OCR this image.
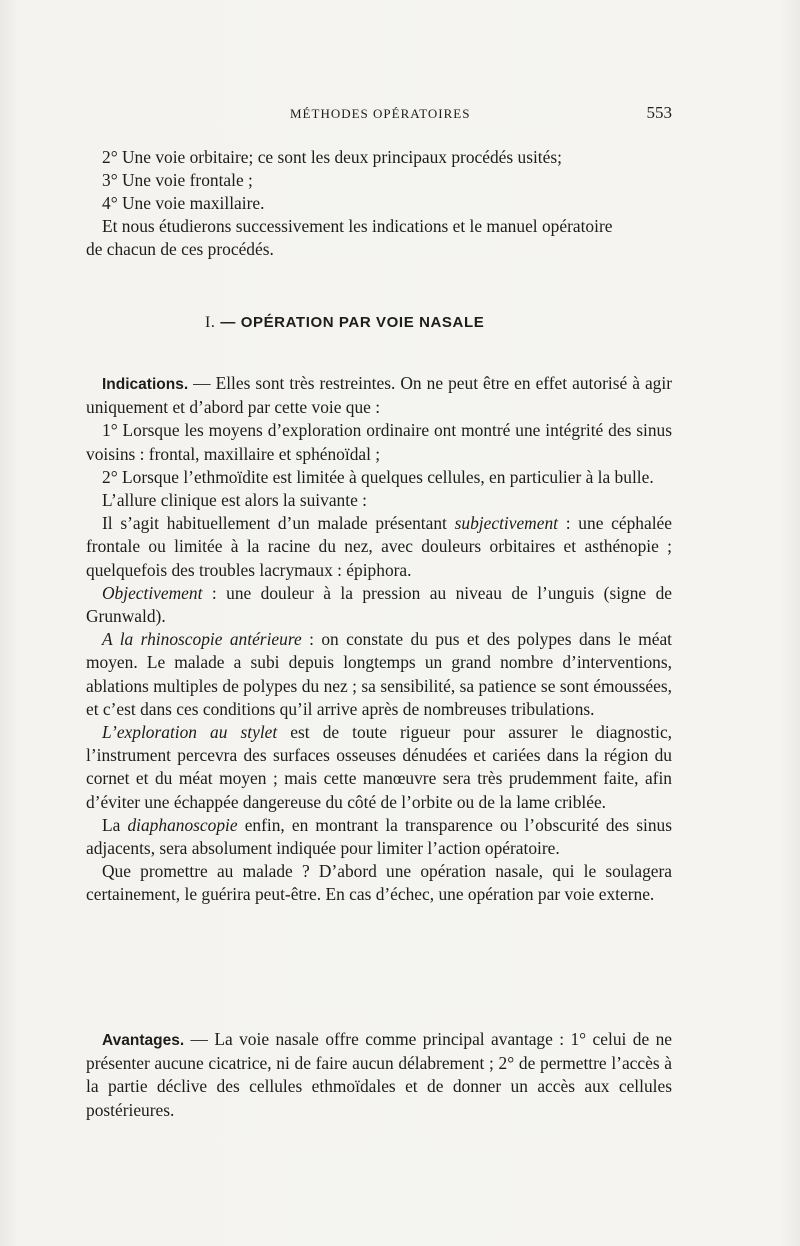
MÉTHODES OPÉRATOIRES	553
2° Une voie orbitaire; ce sont les deux principaux procédés usités;
3° Une voie frontale ;
4° Une voie maxillaire.
Et nous étudierons successivement les indications et le manuel opératoire
de chacun de ces procédés.
I. — OPÉRATION PAR VOIE NASALE

Indications. — Elles sont très restreintes. On ne peut être en effet autorisé à agir uniquement et d’abord par cette voie que :

1° Lorsque les moyens d’exploration ordinaire ont montré une intégrité des sinus voisins : frontal, maxillaire et sphénoïdal ;

2° Lorsque l’ethmoïdite est limitée à quelques cellules, en particulier à la bulle.

L’allure clinique est alors la suivante :

Il s’agit habituellement d’un malade présentant subjectivement : une céphalée frontale ou limitée à la racine du nez, avec douleurs orbitaires et asthénopie ; quelquefois des troubles lacrymaux : épiphora.

Objectivement : une douleur à la pression au niveau de l’unguis (signe de Grunwald).

A la rhinoscopie antérieure : on constate du pus et des polypes dans le méat moyen. Le malade a subi depuis longtemps un grand nombre d’interventions, ablations multiples de polypes du nez ; sa sensibilité, sa patience se sont émoussées, et c’est dans ces conditions qu’il arrive après de nombreuses tribulations.

L’exploration au stylet est de toute rigueur pour assurer le diagnostic, l’instrument percevra des surfaces osseuses dénudées et cariées dans la région du cornet et du méat moyen ; mais cette manœuvre sera très prudemment faite, afin d’éviter une échappée dangereuse du côté de l’orbite ou de la lame criblée.

La diaphanoscopie enfin, en montrant la transparence ou l’obscurité des sinus adjacents, sera absolument indiquée pour limiter l’action opératoire.

Que promettre au malade ? D’abord une opération nasale, qui le soulagera certainement, le guérira peut-être. En cas d’échec, une opération par voie externe.

Avantages. — La voie nasale offre comme principal avantage : 1° celui de ne présenter aucune cicatrice, ni de faire aucun délabrement ; 2° de permettre l’accès à la partie déclive des cellules ethmoïdales et de donner un accès aux cellules postérieures.
